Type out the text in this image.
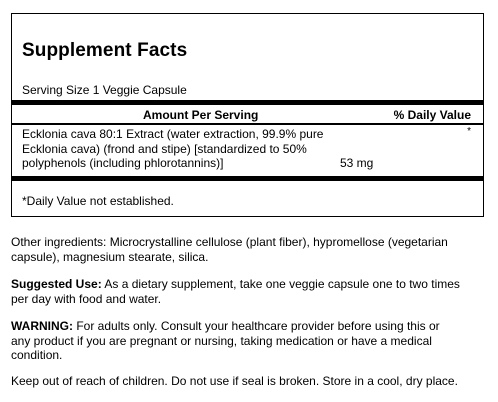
Supplement Facts
Serving Size 1 Veggie Capsule
Amount Per Serving	% Daily Value
Ecklonia cava 80:1 Extract (water extraction, 99.9% pure
Ecklonia cava) (frond and stipe) [standardized to 50%
polyphenols (including phlorotannins)]	53 mg
*
*Daily Value not established.
Other ingredients: Microcrystalline cellulose (plant fiber), hypromellose (vegetarian
capsule), magnesium stearate, silica.
Suggested Use: As a dietary supplement, take one veggie capsule one to two times
per day with food and water.
WARNING: For adults only. Consult your healthcare provider before using this or
any product if you are pregnant or nursing, taking medication or have a medical
condition.
Keep out of reach of children. Do not use if seal is broken. Store in a cool, dry place.
